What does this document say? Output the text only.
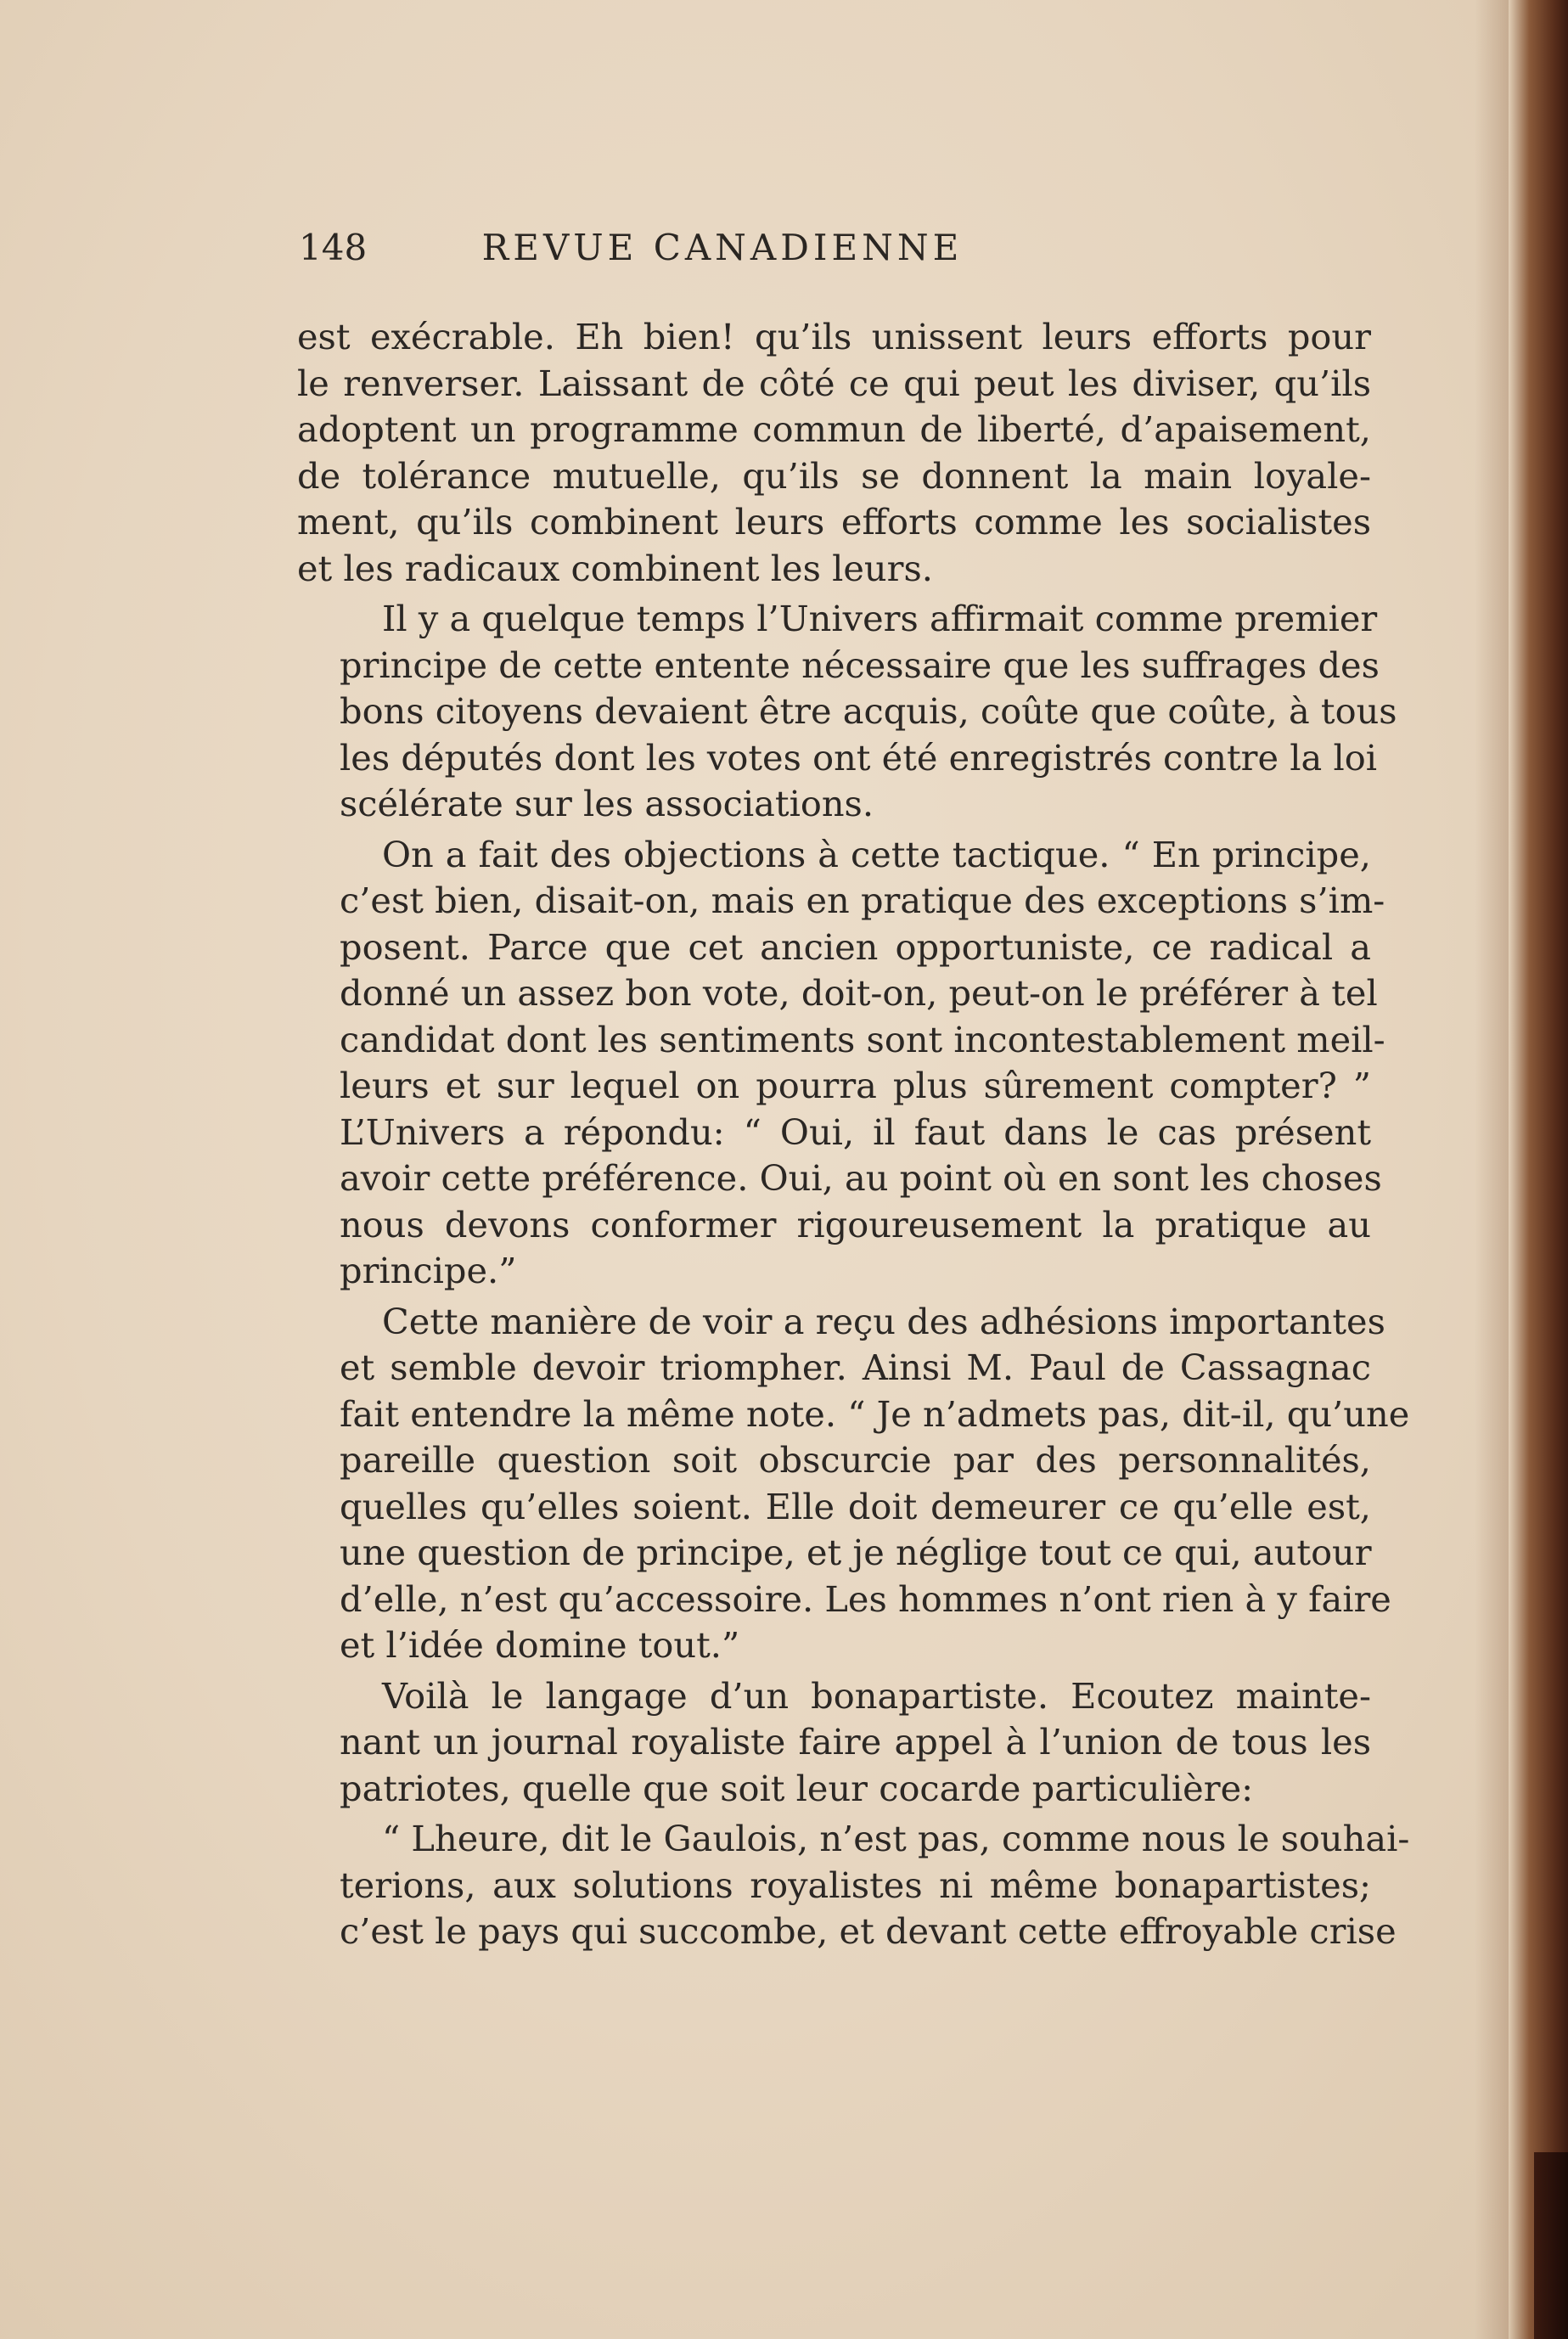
148	REVUE CANADIENNE

est exécrable. Eh bien! qu’ils unissent leurs efforts pour
le renverser. Laissant de côté ce qui peut les diviser, qu’ils
adoptent un programme commun de liberté, d’apaisement,
de tolérance mutuelle, qu’ils se donnent la main loyale-
ment, qu’ils combinent leurs efforts comme les socialistes
et les radicaux combinent les leurs.

Il y a quelque temps l’Univers affirmait comme premier
principe de cette entente nécessaire que les suffrages des
bons citoyens devaient être acquis, coûte que coûte, à tous
les députés dont les votes ont été enregistrés contre la loi
scélérate sur les associations.

On a fait des objections à cette tactique. “ En principe,
c’est bien, disait-on, mais en pratique des exceptions s’im-
posent. Parce que cet ancien opportuniste, ce radical a
donné un assez bon vote, doit-on, peut-on le préférer à tel
candidat dont les sentiments sont incontestablement meil-
leurs et sur lequel on pourra plus sûrement compter? ”
L’Univers a répondu: “ Oui, il faut dans le cas présent
avoir cette préférence. Oui, au point où en sont les choses
nous devons conformer rigoureusement la pratique au
principe.”

Cette manière de voir a reçu des adhésions importantes
et semble devoir triompher. Ainsi M. Paul de Cassagnac
fait entendre la même note. “ Je n’admets pas, dit-il, qu’une
pareille question soit obscurcie par des personnalités,
quelles qu’elles soient. Elle doit demeurer ce qu’elle est,
une question de principe, et je néglige tout ce qui, autour
d’elle, n’est qu’accessoire. Les hommes n’ont rien à y faire
et l’idée domine tout.”

Voilà le langage d’un bonapartiste. Ecoutez mainte-
nant un journal royaliste faire appel à l’union de tous les
patriotes, quelle que soit leur cocarde particulière:

“ Lheure, dit le Gaulois, n’est pas, comme nous le souhai-
terions, aux solutions royalistes ni même bonapartistes;
c’est le pays qui succombe, et devant cette effroyable crise
